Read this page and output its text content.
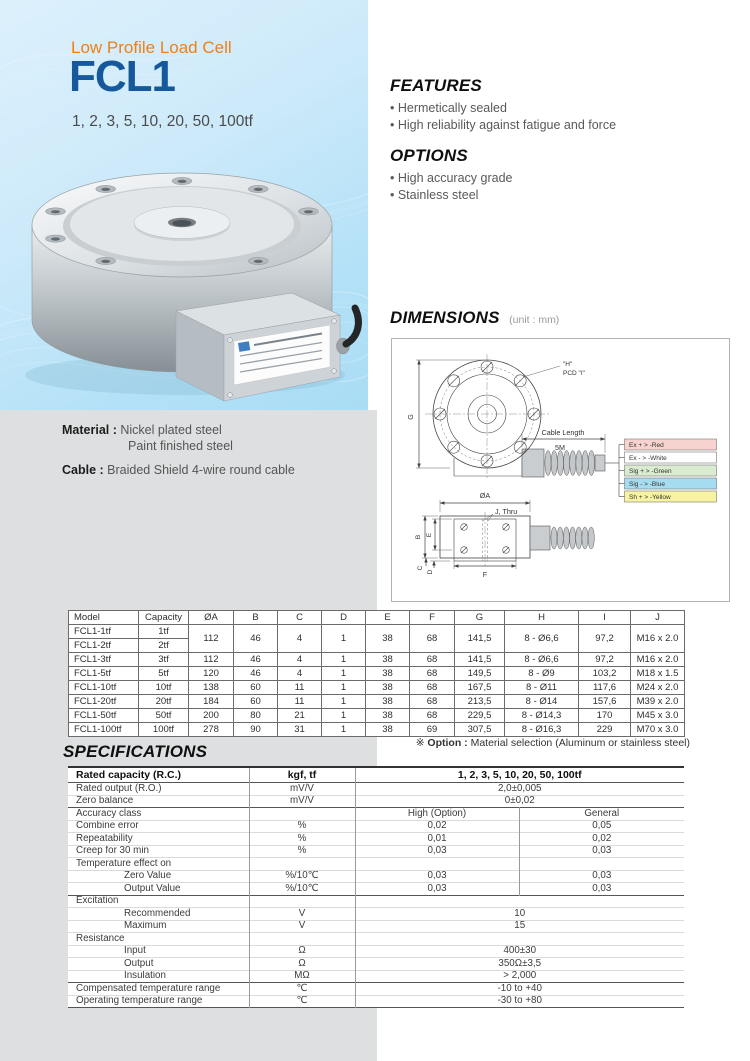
Low Profile Load Cell
FCL1
1, 2, 3, 5, 10, 20, 50, 100tf
FEATURES
• Hermetically sealed
• High reliability against fatigue and force
OPTIONS
• High accuracy grade
• Stainless steel
DIMENSIONS (unit : mm)
G
"H"
PCD "I"
Cable Length
5M	Ex + > -Red
Ex - > -White
Sig + > -Green
Sig - > -Blue
Sh + > -Yellow
ØA
J, Thru
B E
C
D	F
Material : Nickel plated steel
Paint finished steel
Cable : Braided Shield 4-wire round cable
Model	Capacity	ØA	B	C	D	E	F	G	H	I	J
FCL1-1tf	1tf	112	46	4	1	38	68	141,5	8 - Ø6,6	97,2	M16 x 2.0
FCL1-2tf	2tf										
FCL1-3tf	3tf	112	46	4	1	38	68	141,5	8 - Ø6,6	97,2	M16 x 2.0
FCL1-5tf	5tf	120	46	4	1	38	68	149,5	8 - Ø9	103,2	M18 x 1.5
FCL1-10tf	10tf	138	60	11	1	38	68	167,5	8 - Ø11	117,6	M24 x 2.0
FCL1-20tf	20tf	184	60	11	1	38	68	213,5	8 - Ø14	157,6	M39 x 2.0
FCL1-50tf	50tf	200	80	21	1	38	68	229,5	8 - Ø14,3	170	M45 x 3.0
FCL1-100tf	100tf	278	90	31	1	38	69	307,5	8 - Ø16,3	229	M70 x 3.0
※ Option : Material selection (Aluminum or stainless steel)
SPECIFICATIONS
Rated capacity (R.C.)	kgf, tf	1, 2, 3, 5, 10, 20, 50, 100tf	
Rated output (R.O.)	mV/V	2,0±0,005	
Zero balance	mV/V	0±0,02	
Accuracy class		High (Option)	General
Combine error	%	0,02	0,05
Repeatability	%	0,01	0,02
Creep for 30 min	%	0,03	0,03
Temperature effect on			
Zero Value	%/10℃	0,03	0,03
Output Value	%/10℃	0,03	0,03
Excitation			
Recommended	V	10	
Maximum	V	15	
Resistance			
Input	Ω	400±30	
Output	Ω	350Ω±3,5	
Insulation	MΩ	> 2,000	
Compensated temperature range	℃	-10 to +40	
Operating temperature range	℃	-30 to +80	
